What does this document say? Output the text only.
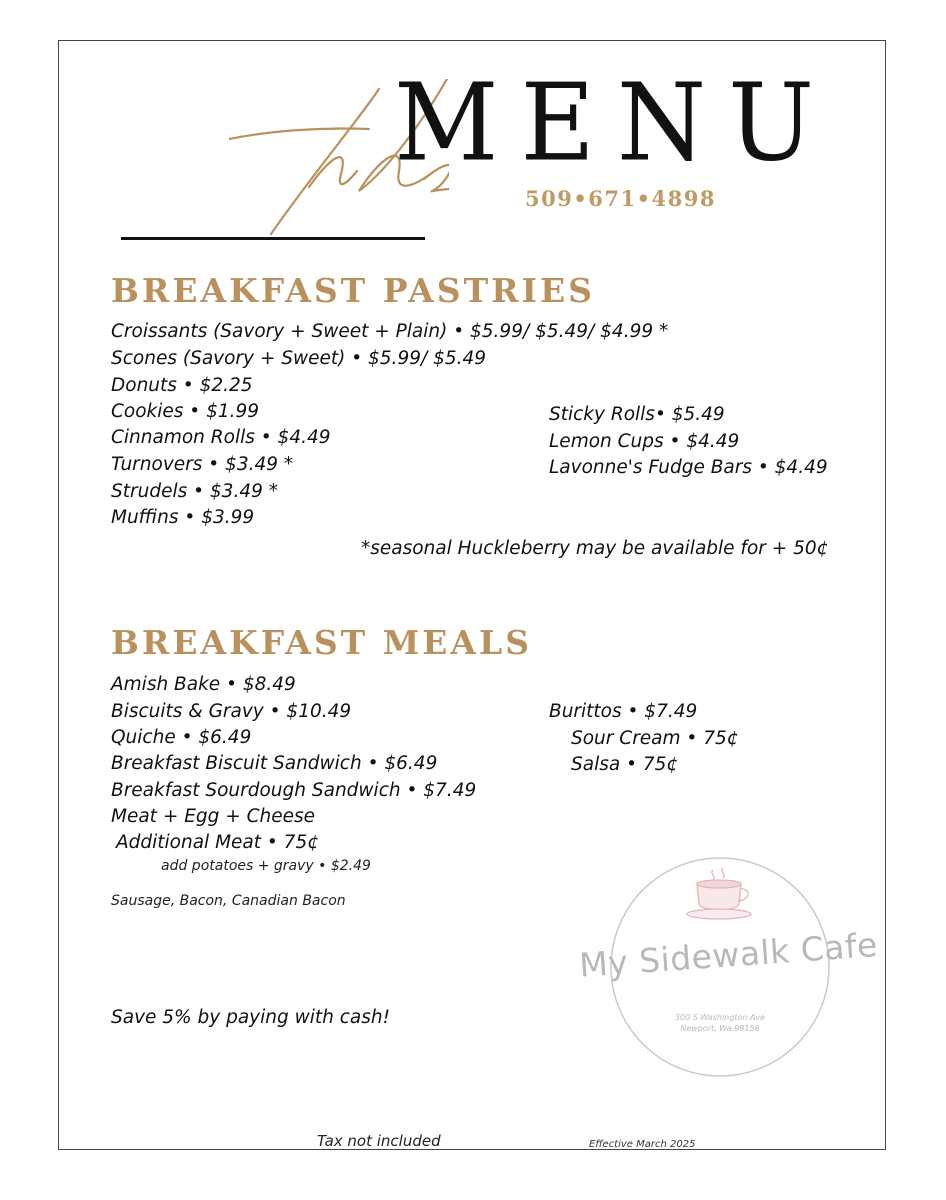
MENU
509•671•4898
BREAKFAST PASTRIES
Croissants (Savory + Sweet + Plain) • $5.99/ $5.49/ $4.99 *
Scones (Savory + Sweet) • $5.99/ $5.49
Donuts • $2.25
Cookies • $1.99
Cinnamon Rolls • $4.49
Turnovers • $3.49 *
Strudels • $3.49 *
Muffins • $3.99
Sticky Rolls• $5.49
Lemon Cups • $4.49
Lavonne's Fudge Bars • $4.49
*seasonal Huckleberry may be available for + 50¢
BREAKFAST MEALS
Amish Bake • $8.49
Biscuits & Gravy • $10.49
Quiche • $6.49
Breakfast Biscuit Sandwich • $6.49
Breakfast Sourdough Sandwich • $7.49
Meat + Egg + Cheese
Additional Meat • 75¢
add potatoes + gravy • $2.49
Sausage, Bacon, Canadian Bacon
Burittos • $7.49
Sour Cream • 75¢
Salsa • 75¢
Save 5% by paying with cash!
My Sidewalk Cafe
300 S Washington Ave
Newport, Wa 99156
Tax not included	Effective March 2025
